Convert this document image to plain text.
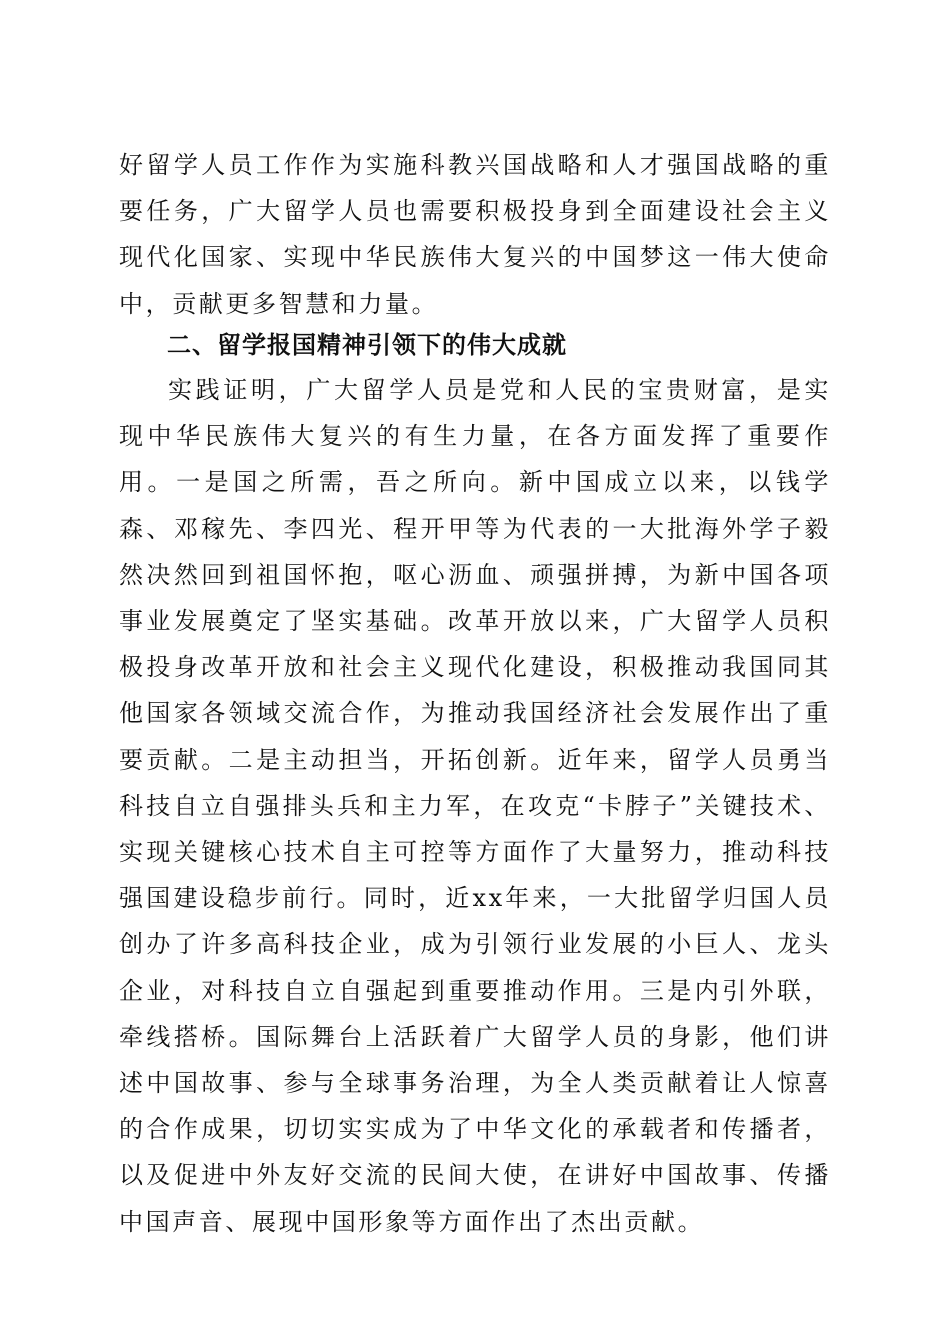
好留学人员工作作为实施科教兴国战略和人才强国战略的重要任务，广大留学人员也需要积极投身到全面建设社会主义现代化国家、实现中华民族伟大复兴的中国梦这一伟大使命中，贡献更多智慧和力量。

二、留学报国精神引领下的伟大成就

实践证明，广大留学人员是党和人民的宝贵财富，是实现中华民族伟大复兴的有生力量，在各方面发挥了重要作用。一是国之所需，吾之所向。新中国成立以来，以钱学森、邓稼先、李四光、程开甲等为代表的一大批海外学子毅然决然回到祖国怀抱，呕心沥血、顽强拼搏，为新中国各项事业发展奠定了坚实基础。改革开放以来，广大留学人员积极投身改革开放和社会主义现代化建设，积极推动我国同其他国家各领域交流合作，为推动我国经济社会发展作出了重要贡献。二是主动担当，开拓创新。近年来，留学人员勇当科技自立自强排头兵和主力军，在攻克“卡脖子”关键技术、实现关键核心技术自主可控等方面作了大量努力，推动科技强国建设稳步前行。同时，近xx年来，一大批留学归国人员创办了许多高科技企业，成为引领行业发展的小巨人、龙头企业，对科技自立自强起到重要推动作用。三是内引外联，牵线搭桥。国际舞台上活跃着广大留学人员的身影，他们讲述中国故事、参与全球事务治理，为全人类贡献着让人惊喜的合作成果，切切实实成为了中华文化的承载者和传播者，以及促进中外友好交流的民间大使，在讲好中国故事、传播中国声音、展现中国形象等方面作出了杰出贡献。
